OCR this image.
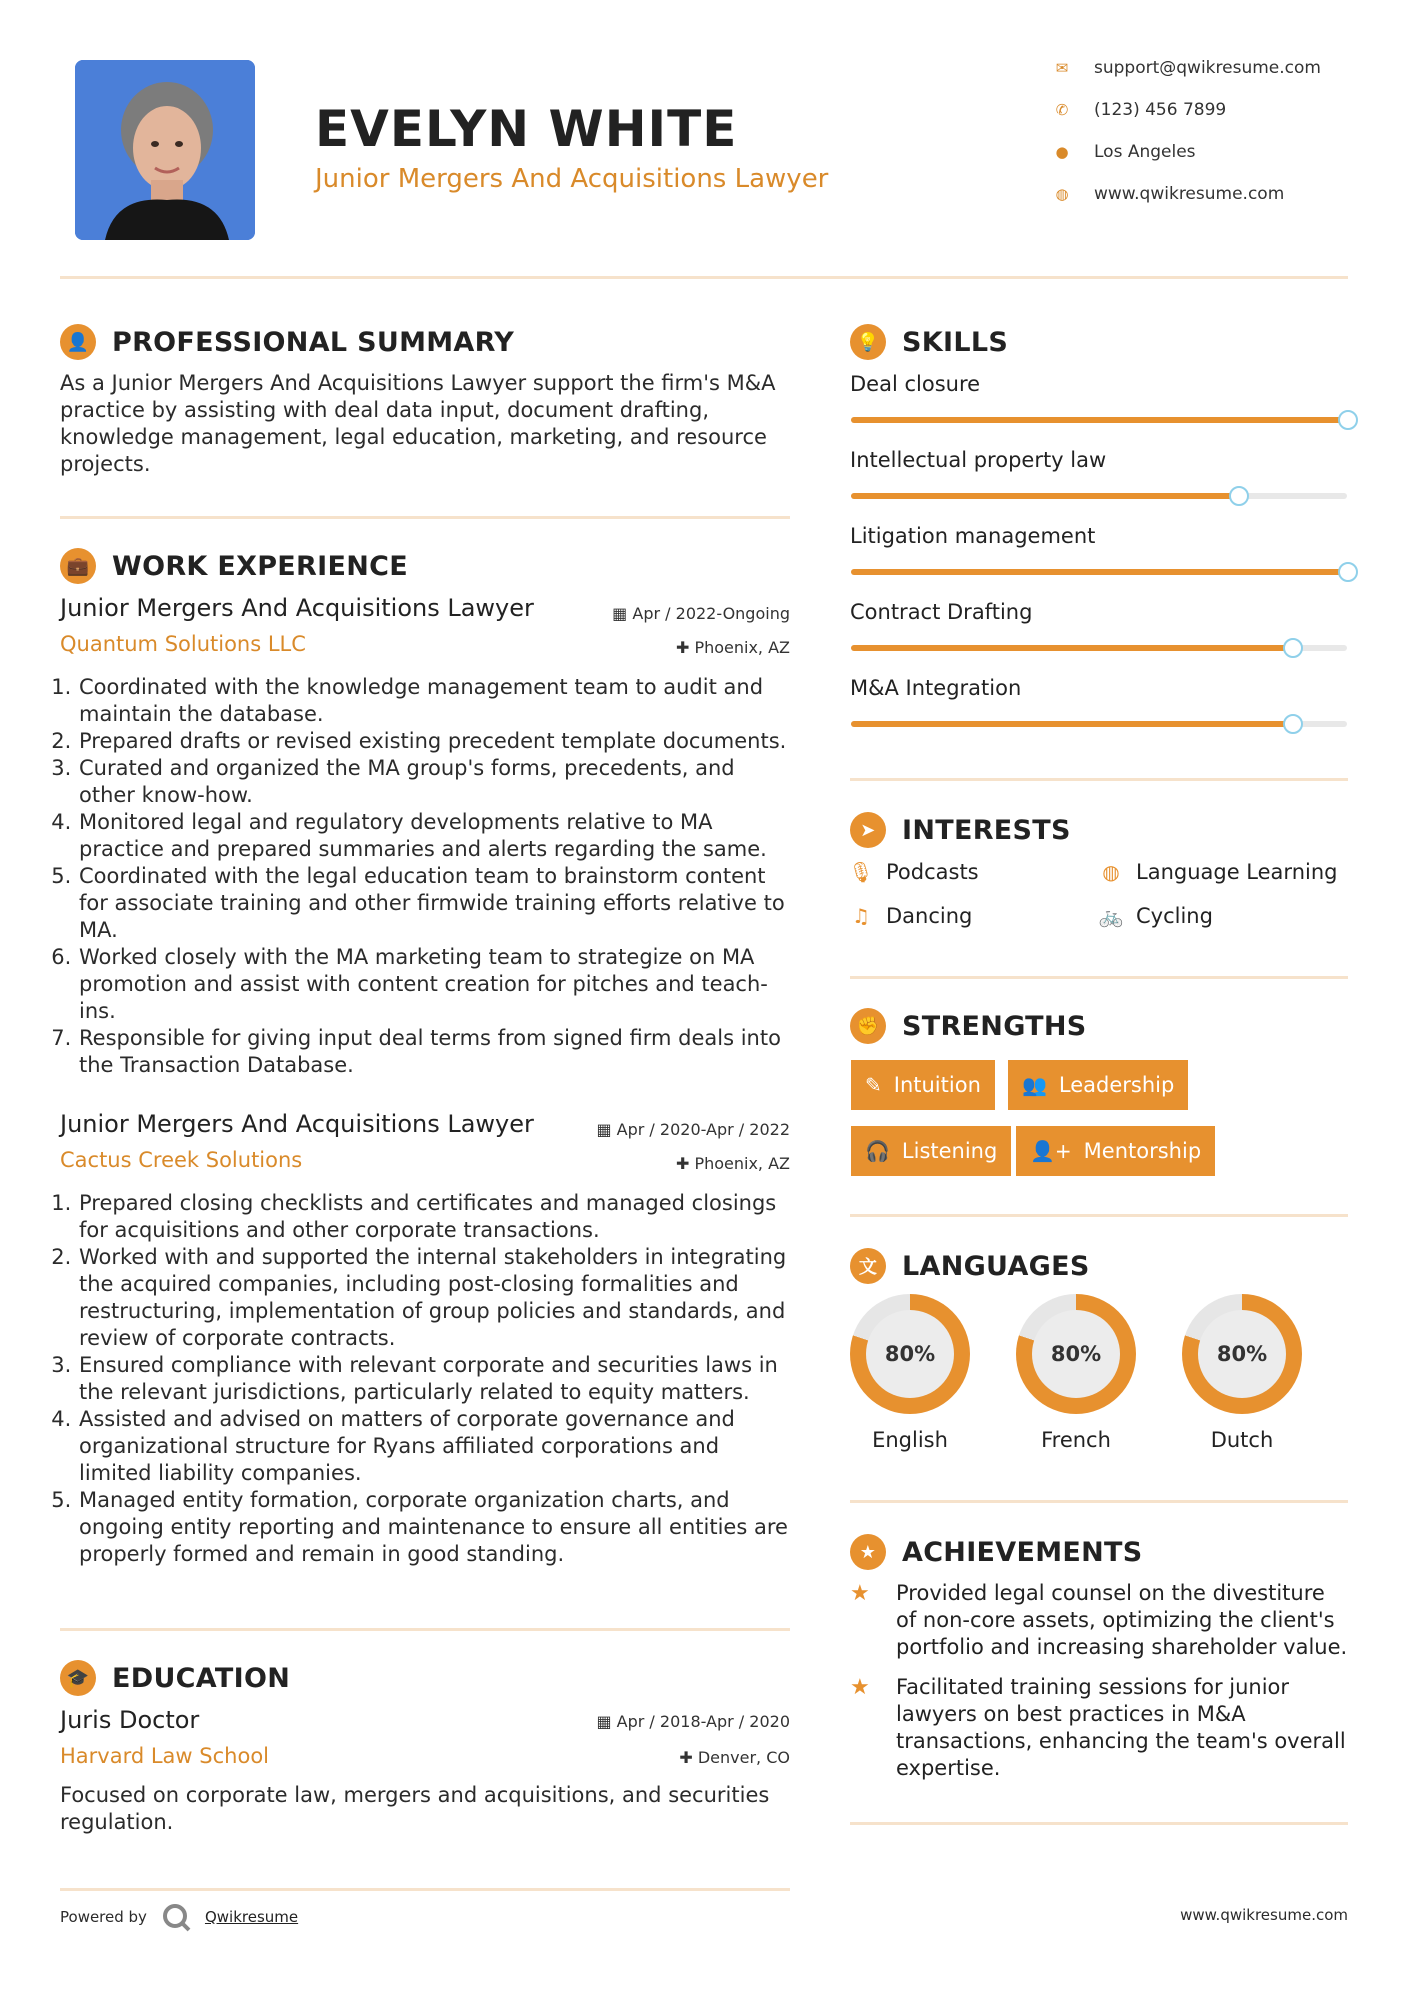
EVELYN WHITE
Junior Mergers And Acquisitions Lawyer
✉ support@qwikresume.com
✆ (123) 456 7899
● Los Angeles
◍ www.qwikresume.com
👤 PROFESSIONAL SUMMARY
As a Junior Mergers And Acquisitions Lawyer support the firm's M&A practice by assisting with deal data input, document drafting, knowledge management, legal education, marketing, and resource projects.
💼 WORK EXPERIENCE
Junior Mergers And Acquisitions Lawyer	▦ Apr / 2022-Ongoing
Quantum Solutions LLC	✚ Phoenix, AZ
1. Coordinated with the knowledge management team to audit and maintain the database.
2. Prepared drafts or revised existing precedent template documents.
3. Curated and organized the MA group's forms, precedents, and other know-how.
4. Monitored legal and regulatory developments relative to MA practice and prepared summaries and alerts regarding the same.
5. Coordinated with the legal education team to brainstorm content for associate training and other firmwide training efforts relative to MA.
6. Worked closely with the MA marketing team to strategize on MA promotion and assist with content creation for pitches and teach-ins.
7. Responsible for giving input deal terms from signed firm deals into the Transaction Database.
Junior Mergers And Acquisitions Lawyer	▦ Apr / 2020-Apr / 2022
Cactus Creek Solutions	✚ Phoenix, AZ
1. Prepared closing checklists and certificates and managed closings for acquisitions and other corporate transactions.
2. Worked with and supported the internal stakeholders in integrating the acquired companies, including post-closing formalities and restructuring, implementation of group policies and standards, and review of corporate contracts.
3. Ensured compliance with relevant corporate and securities laws in the relevant jurisdictions, particularly related to equity matters.
4. Assisted and advised on matters of corporate governance and organizational structure for Ryans affiliated corporations and limited liability companies.
5. Managed entity formation, corporate organization charts, and ongoing entity reporting and maintenance to ensure all entities are properly formed and remain in good standing.
🎓 EDUCATION
Juris Doctor	▦ Apr / 2018-Apr / 2020
Harvard Law School	✚ Denver, CO
Focused on corporate law, mergers and acquisitions, and securities regulation.
Powered by	Qwikresume	www.qwikresume.com
💡 SKILLS
Deal closure
Intellectual property law
Litigation management
Contract Drafting
M&A Integration
➤ INTERESTS
🎙 Podcasts	◍ Language Learning
♫ Dancing	🚲 Cycling
✊ STRENGTHS
✎ Intuition 👥 Leadership
🎧 Listening 👤+ Mentorship
文 LANGUAGES
80%
English
80%
French
80%
Dutch
★ ACHIEVEMENTS
★	Provided legal counsel on the divestiture of non-core assets, optimizing the client's portfolio and increasing shareholder value.
★	Facilitated training sessions for junior lawyers on best practices in M&A transactions, enhancing the team's overall expertise.
